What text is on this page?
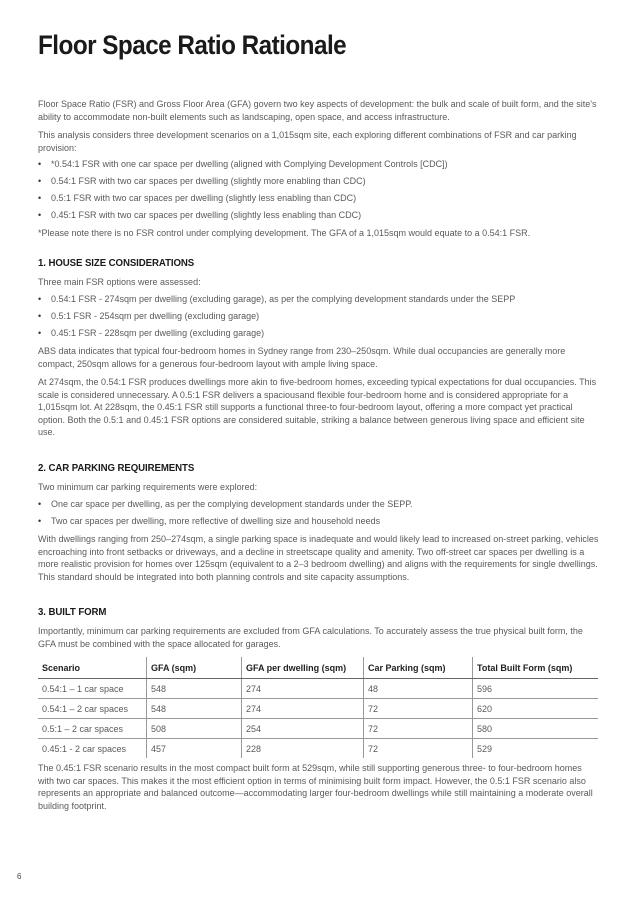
Floor Space Ratio Rationale

Floor Space Ratio (FSR) and Gross Floor Area (GFA) govern two key aspects of development: the bulk and scale of built form, and the site's ability to accommodate non-built elements such as landscaping, open space, and access infrastructure.

This analysis considers three development scenarios on a 1,015sqm site, each exploring different combinations of FSR and car parking provision:

• *0.54:1 FSR with one car space per dwelling (aligned with Complying Development Controls [CDC])
• 0.54:1 FSR with two car spaces per dwelling (slightly more enabling than CDC)
• 0.5:1 FSR with two car spaces per dwelling (slightly less enabling than CDC)
• 0.45:1 FSR with two car spaces per dwelling (slightly less enabling than CDC)

*Please note there is no FSR control under complying development. The GFA of a 1,015sqm would equate to a 0.54:1 FSR.

1. HOUSE SIZE CONSIDERATIONS

Three main FSR options were assessed:

• 0.54:1 FSR - 274sqm per dwelling (excluding garage), as per the complying development standards under the SEPP
• 0.5:1 FSR - 254sqm per dwelling (excluding garage)
• 0.45:1 FSR - 228sqm per dwelling (excluding garage)

ABS data indicates that typical four-bedroom homes in Sydney range from 230–250sqm. While dual occupancies are generally more compact, 250sqm allows for a generous four-bedroom layout with ample living space.

At 274sqm, the 0.54:1 FSR produces dwellings more akin to five-bedroom homes, exceeding typical expectations for dual occupancies. This scale is considered unnecessary. A 0.5:1 FSR delivers a spaciousand flexible four-bedroom home and is considered appropriate for a 1,015sqm lot. At 228sqm, the 0.45:1 FSR still supports a functional three-to four-bedroom layout, offering a more compact yet practical option. Both the 0.5:1 and 0.45:1 FSR options are considered suitable, striking a balance between generous living space and efficient site use.

2. CAR PARKING REQUIREMENTS

Two minimum car parking requirements were explored:

• One car space per dwelling, as per the complying development standards under the SEPP.
• Two car spaces per dwelling, more reflective of dwelling size and household needs

With dwellings ranging from 250–274sqm, a single parking space is inadequate and would likely lead to increased on-street parking, vehicles encroaching into front setbacks or driveways, and a decline in streetscape quality and amenity. Two off-street car spaces per dwelling is a more realistic provision for homes over 125sqm (equivalent to a 2–3 bedroom dwelling) and aligns with the requirements for single dwellings. This standard should be integrated into both planning controls and site capacity assumptions.

3. BUILT FORM

Importantly, minimum car parking requirements are excluded from GFA calculations. To accurately assess the true physical built form, the GFA must be combined with the space allocated for garages.

Scenario	GFA (sqm)	GFA per dwelling (sqm)	Car Parking (sqm)	Total Built Form (sqm)
0.54:1 – 1 car space	548	274	48	596
0.54:1 – 2 car spaces	548	274	72	620
0.5:1 – 2 car spaces	508	254	72	580
0.45:1 - 2 car spaces	457	228	72	529

The 0.45:1 FSR scenario results in the most compact built form at 529sqm, while still supporting generous three- to four-bedroom homes with two car spaces. This makes it the most efficient option in terms of minimising built form impact. However, the 0.5:1 FSR scenario also represents an appropriate and balanced outcome—accommodating larger four-bedroom dwellings while still maintaining a moderate overall building footprint.

6
